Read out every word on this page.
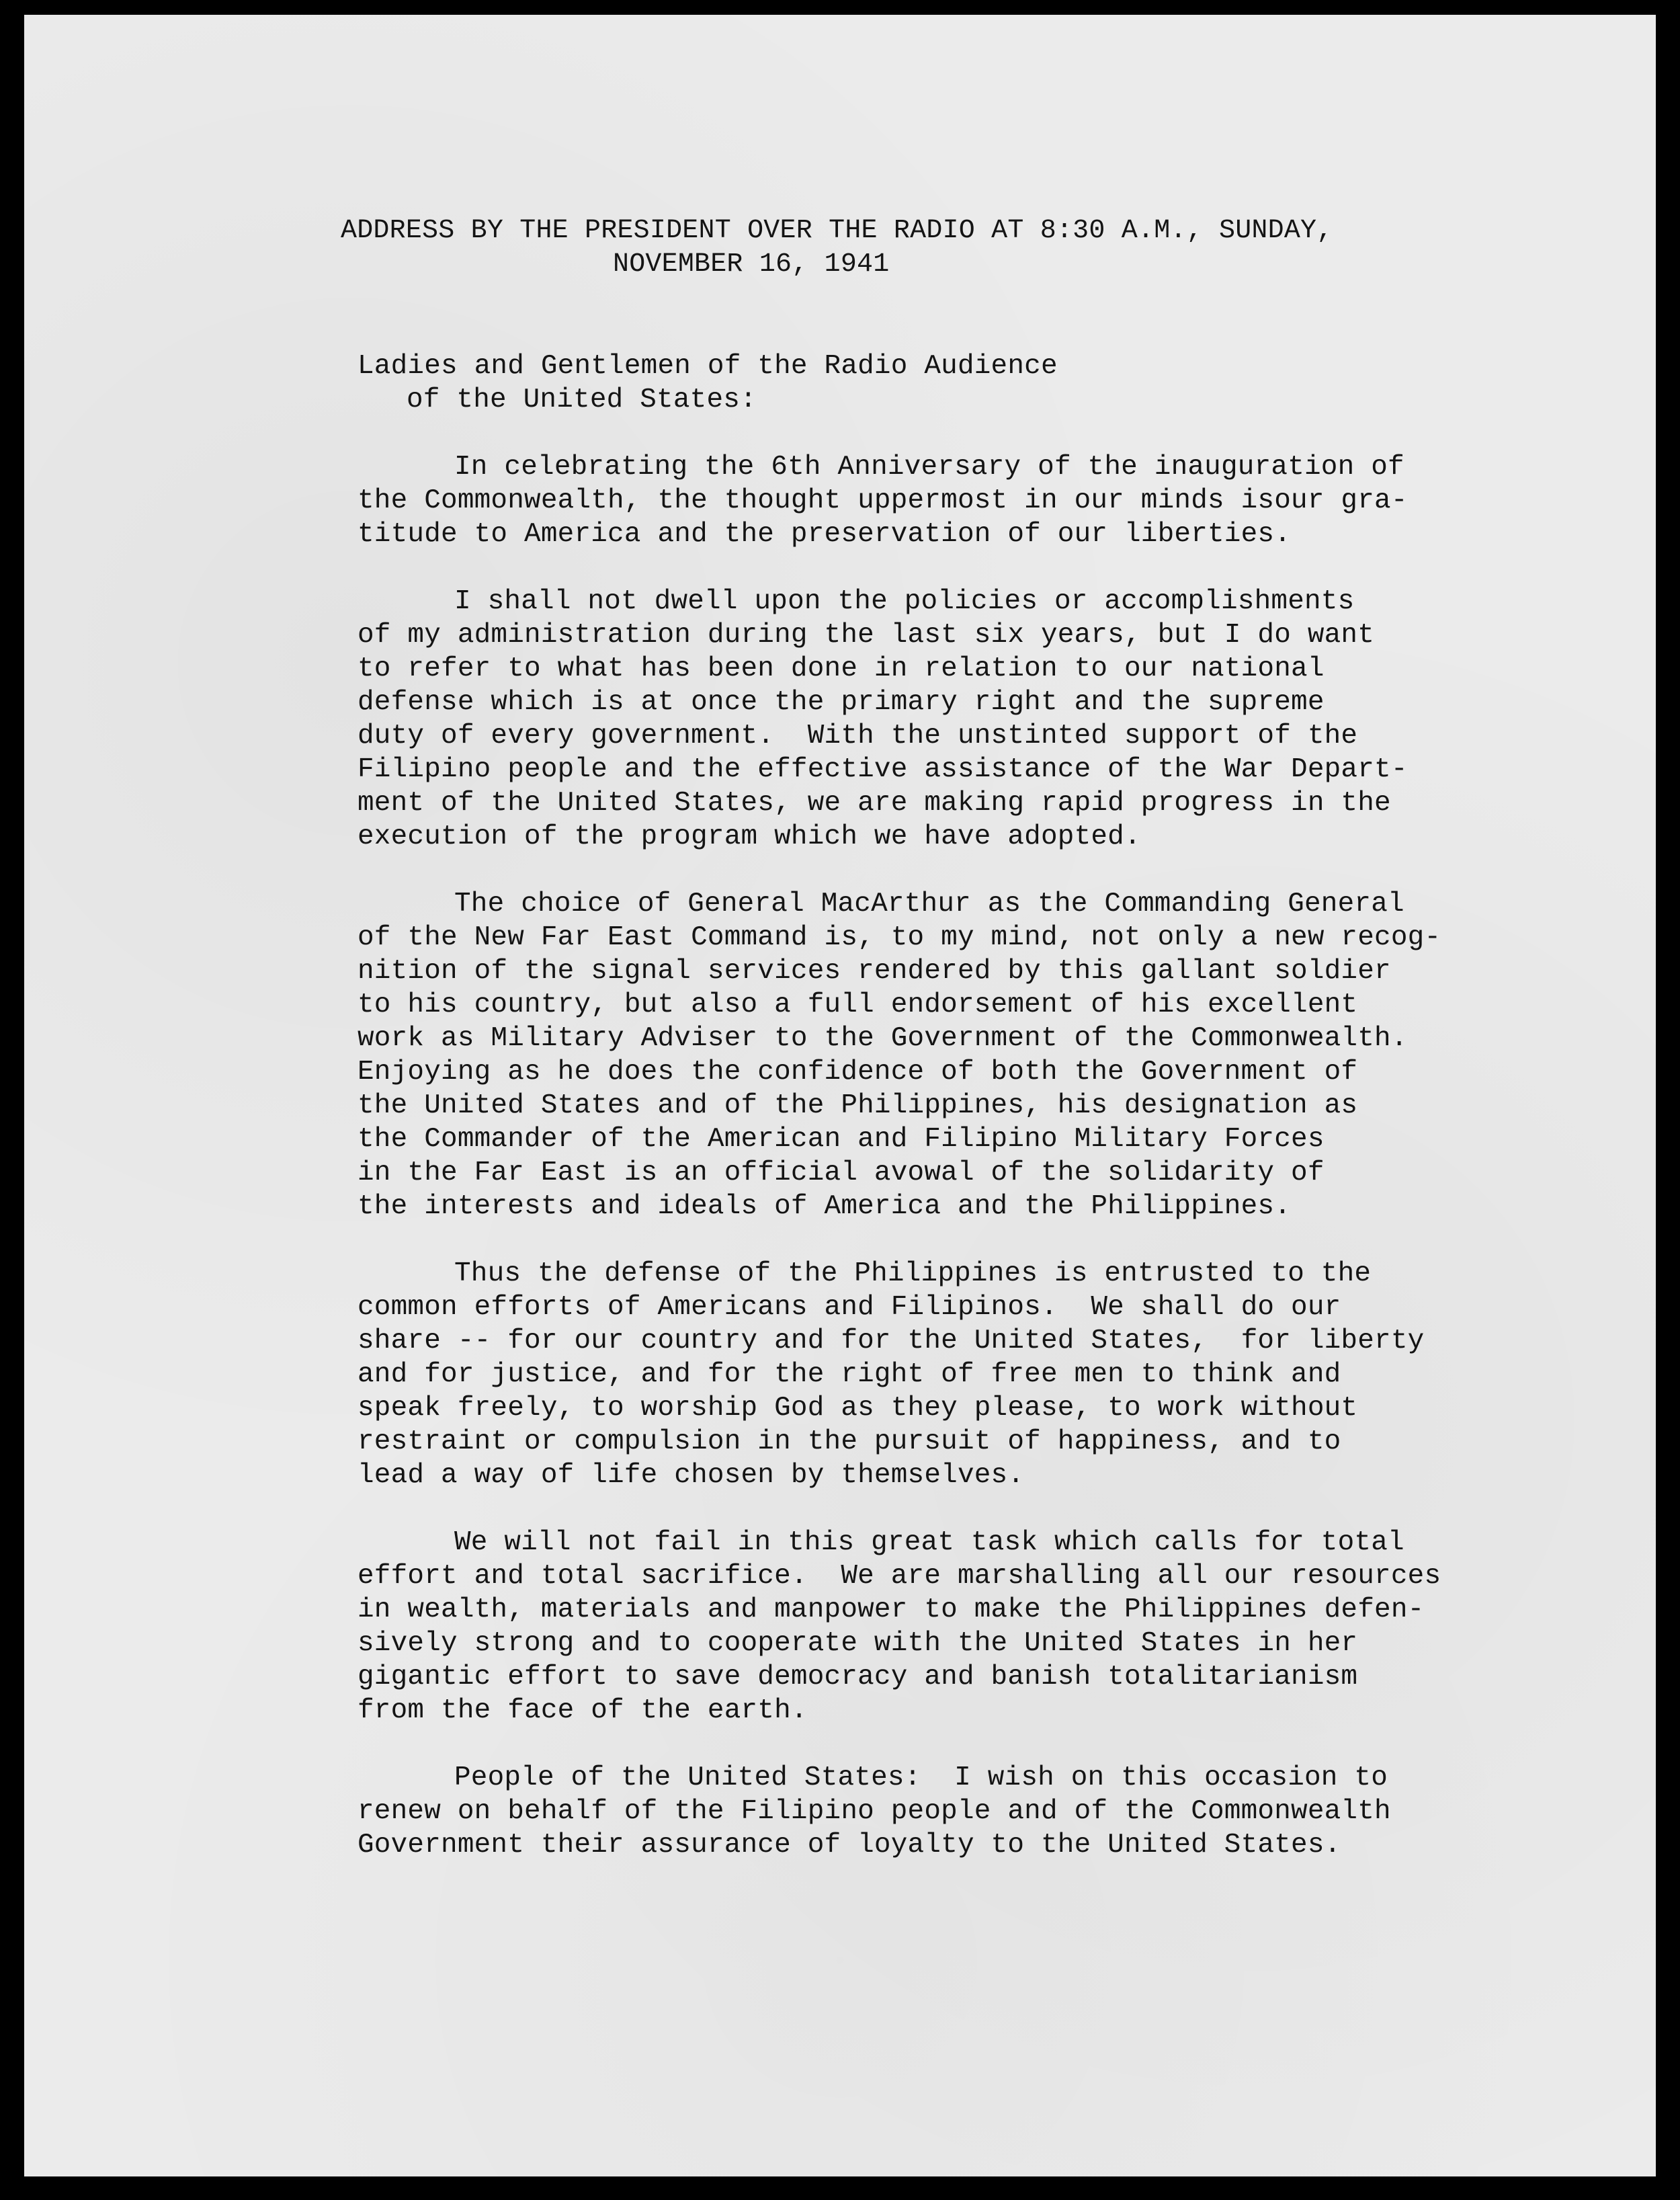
ADDRESS BY THE PRESIDENT OVER THE RADIO AT 8:30 A.M., SUNDAY,

NOVEMBER 16, 1941

Ladies and Gentlemen of the Radio Audience

of the United States:

In celebrating the 6th Anniversary of the inauguration of

the Commonwealth, the thought uppermost in our minds isour gra-

titude to America and the preservation of our liberties.

I shall not dwell upon the policies or accomplishments

of my administration during the last six years, but I do want

to refer to what has been done in relation to our national

defense which is at once the primary right and the supreme

duty of every government.  With the unstinted support of the

Filipino people and the effective assistance of the War Depart-

ment of the United States, we are making rapid progress in the

execution of the program which we have adopted.

The choice of General MacArthur as the Commanding General

of the New Far East Command is, to my mind, not only a new recog-

nition of the signal services rendered by this gallant soldier

to his country, but also a full endorsement of his excellent

work as Military Adviser to the Government of the Commonwealth.

Enjoying as he does the confidence of both the Government of

the United States and of the Philippines, his designation as

the Commander of the American and Filipino Military Forces

in the Far East is an official avowal of the solidarity of

the interests and ideals of America and the Philippines.

Thus the defense of the Philippines is entrusted to the

common efforts of Americans and Filipinos.  We shall do our

share -- for our country and for the United States,  for liberty

and for justice, and for the right of free men to think and

speak freely, to worship God as they please, to work without

restraint or compulsion in the pursuit of happiness, and to

lead a way of life chosen by themselves.

We will not fail in this great task which calls for total

effort and total sacrifice.  We are marshalling all our resources

in wealth, materials and manpower to make the Philippines defen-

sively strong and to cooperate with the United States in her

gigantic effort to save democracy and banish totalitarianism

from the face of the earth.

People of the United States:  I wish on this occasion to

renew on behalf of the Filipino people and of the Commonwealth

Government their assurance of loyalty to the United States.
